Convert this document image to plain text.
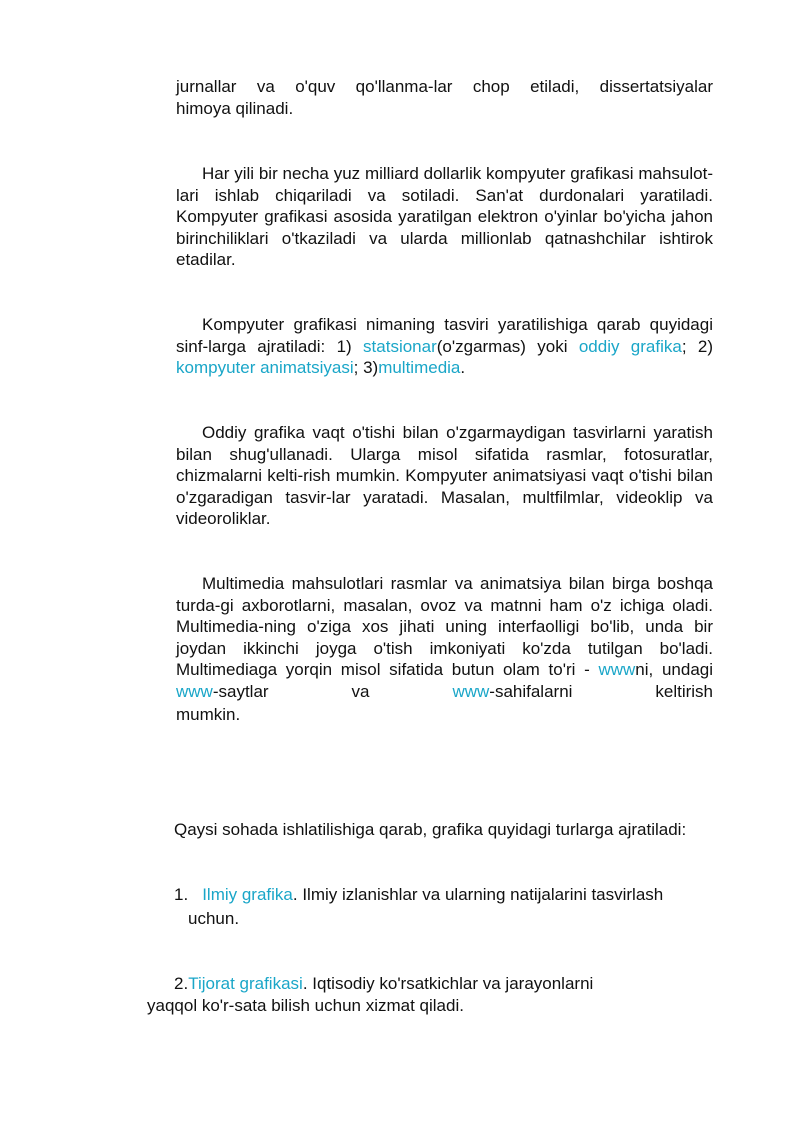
jurnallar va o'quv qo'llanma-lar chop etiladi, dissertatsiyalar

himoya qilinadi.

Har yili bir necha yuz milliard dollarlik kompyuter grafikasi mahsulot-lari ishlab chiqariladi va sotiladi. San'at durdonalari yaratiladi. Kompyuter grafikasi asosida yaratilgan elektron o'yinlar bo'yicha jahon birinchiliklari o'tkaziladi va ularda millionlab qatnashchilar ishtirok etadilar.

Kompyuter grafikasi nimaning tasviri yaratilishiga qarab quyidagi sinf-larga ajratiladi: 1) statsionar(o'zgarmas) yoki oddiy grafika; 2) kompyuter animatsiyasi; 3)multimedia.

Oddiy grafika vaqt o'tishi bilan o'zgarmaydigan tasvirlarni yaratish bilan shug'ullanadi. Ulargа misol sifatida rasmlar, fotosuratlar, chizmalarni kelti-rish mumkin. Kompyuter animatsiyasi vaqt o'tishi bilan o'zgaradigan tasvir-lar yaratadi. Masalan, multfilmlar, videoklip va videoroliklar.

Multimedia mahsulotlari rasmlar va animatsiya bilan birga boshqa turda-gi axborotlarni, masalan, ovoz va matnni ham o'z ichiga oladi. Multimedia-ning o'ziga xos jihati uning interfaolligi bo'lib, unda bir joydan ikkinchi joyga o'tish imkoniyati ko'zda tutilgan bo'ladi. Multimediaga yorqin misol sifatida butun olam to'ri - wwwni, undagi www-saytlar va www-sahifalarni keltirish

mumkin.

Qaysi sohada ishlatilishiga qarab, grafika quyidagi turlarga ajratiladi:

1. Ilmiy grafika. Ilmiy izlanishlar va ularning natijalarini tasvirlash

uchun.

2.Tijorat grafikasi. Iqtisodiy ko'rsatkichlar va jarayonlarni

yaqqol ko'r-sata bilish uchun xizmat qiladi.
